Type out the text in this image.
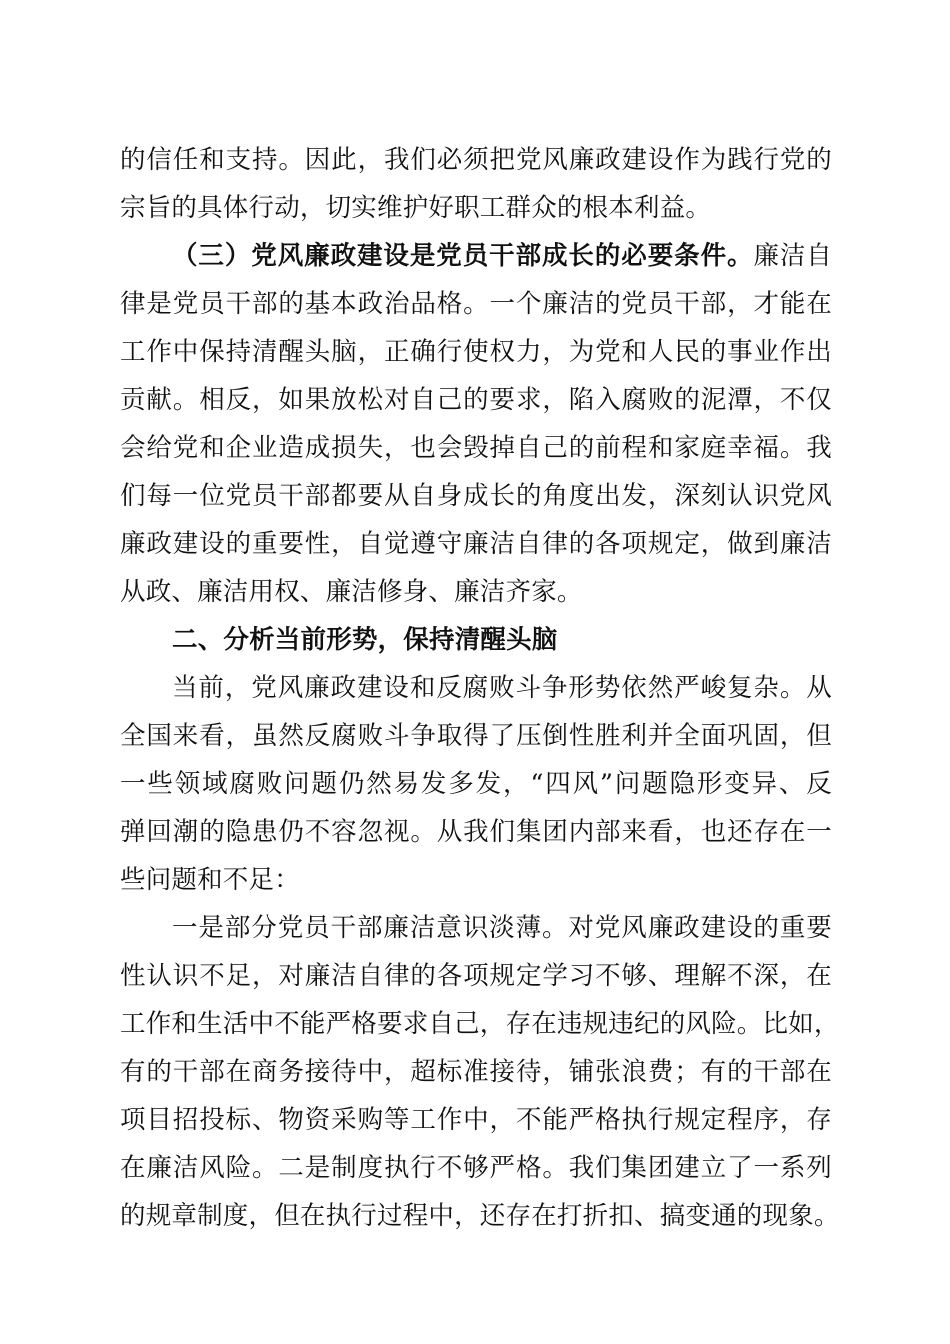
的信任和支持。因此，我们必须把党风廉政建设作为践行党的
宗旨的具体行动，切实维护好职工群众的根本利益。
（三）党风廉政建设是党员干部成长的必要条件。廉洁自
律是党员干部的基本政治品格。一个廉洁的党员干部，才能在
工作中保持清醒头脑，正确行使权力，为党和人民的事业作出
贡献。相反，如果放松对自己的要求，陷入腐败的泥潭，不仅
会给党和企业造成损失，也会毁掉自己的前程和家庭幸福。我
们每一位党员干部都要从自身成长的角度出发，深刻认识党风
廉政建设的重要性，自觉遵守廉洁自律的各项规定，做到廉洁
从政、廉洁用权、廉洁修身、廉洁齐家。
二、分析当前形势，保持清醒头脑
当前，党风廉政建设和反腐败斗争形势依然严峻复杂。从
全国来看，虽然反腐败斗争取得了压倒性胜利并全面巩固，但
一些领域腐败问题仍然易发多发，“四风”问题隐形变异、反
弹回潮的隐患仍不容忽视。从我们集团内部来看，也还存在一
些问题和不足：
一是部分党员干部廉洁意识淡薄。对党风廉政建设的重要
性认识不足，对廉洁自律的各项规定学习不够、理解不深，在
工作和生活中不能严格要求自己，存在违规违纪的风险。比如，
有的干部在商务接待中，超标准接待，铺张浪费；有的干部在
项目招投标、物资采购等工作中，不能严格执行规定程序，存
在廉洁风险。二是制度执行不够严格。我们集团建立了一系列
的规章制度，但在执行过程中，还存在打折扣、搞变通的现象。
